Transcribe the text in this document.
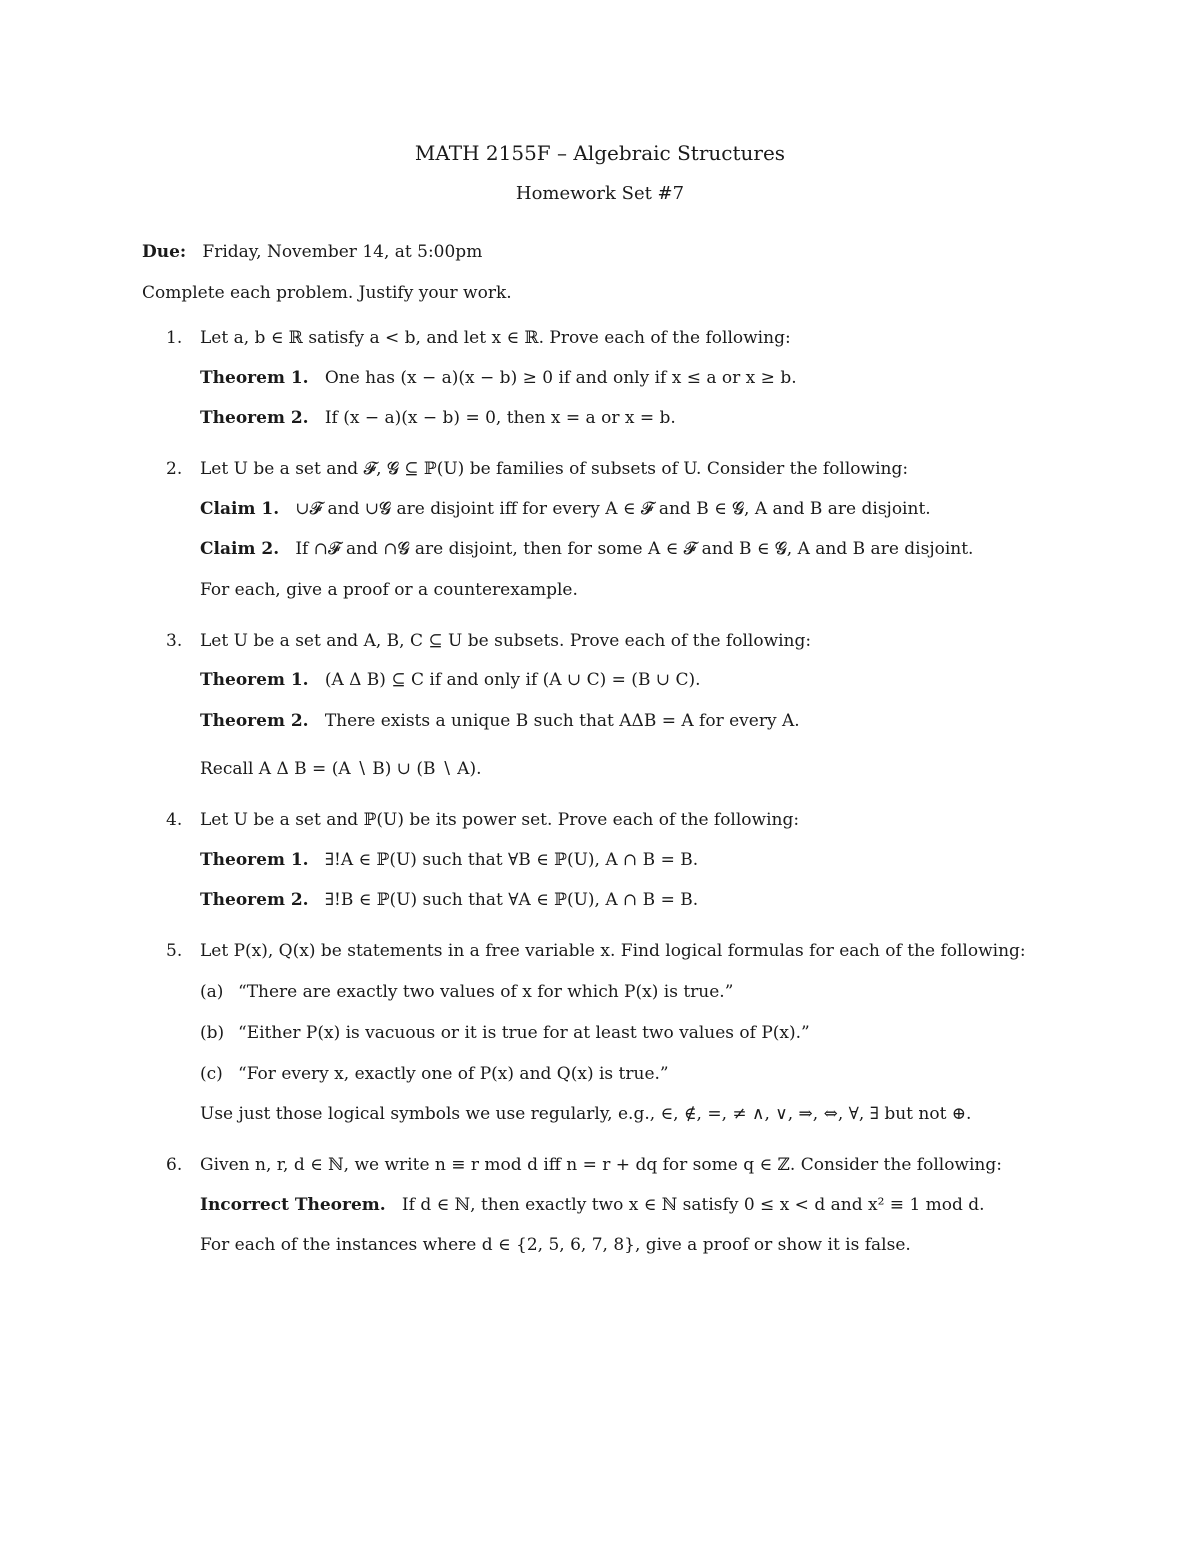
MATH 2155F – Algebraic Structures
Homework Set #7
Due: Friday, November 14, at 5:00pm
Complete each problem. Justify your work.
1. Let a, b ∈ ℝ satisfy a < b, and let x ∈ ℝ. Prove each of the following:
Theorem 1. One has (x − a)(x − b) ≥ 0 if and only if x ≤ a or x ≥ b.
Theorem 2. If (x − a)(x − b) = 0, then x = a or x = b.
2. Let U be a set and 𝓕, 𝓖 ⊆ ℙ(U) be families of subsets of U. Consider the following:
Claim 1. ∪𝓕 and ∪𝓖 are disjoint iff for every A ∈ 𝓕 and B ∈ 𝓖, A and B are disjoint.
Claim 2. If ∩𝓕 and ∩𝓖 are disjoint, then for some A ∈ 𝓕 and B ∈ 𝓖, A and B are disjoint.
For each, give a proof or a counterexample.
3. Let U be a set and A, B, C ⊆ U be subsets. Prove each of the following:
Theorem 1. (A Δ B) ⊆ C if and only if (A ∪ C) = (B ∪ C).
Theorem 2. There exists a unique B such that AΔB = A for every A.
Recall A Δ B = (A ∖ B) ∪ (B ∖ A).
4. Let U be a set and ℙ(U) be its power set. Prove each of the following:
Theorem 1. ∃!A ∈ ℙ(U) such that ∀B ∈ ℙ(U), A ∩ B = B.
Theorem 2. ∃!B ∈ ℙ(U) such that ∀A ∈ ℙ(U), A ∩ B = B.
5. Let P(x), Q(x) be statements in a free variable x. Find logical formulas for each of the following:
(a) “There are exactly two values of x for which P(x) is true.”
(b) “Either P(x) is vacuous or it is true for at least two values of P(x).”
(c) “For every x, exactly one of P(x) and Q(x) is true.”
Use just those logical symbols we use regularly, e.g., ∈, ∉, =, ≠ ∧, ∨, ⇒, ⇔, ∀, ∃ but not ⊕.
6. Given n, r, d ∈ ℕ, we write n ≡ r mod d iff n = r + dq for some q ∈ ℤ. Consider the following:
Incorrect Theorem. If d ∈ ℕ, then exactly two x ∈ ℕ satisfy 0 ≤ x < d and x² ≡ 1 mod d.
For each of the instances where d ∈ {2, 5, 6, 7, 8}, give a proof or show it is false.
